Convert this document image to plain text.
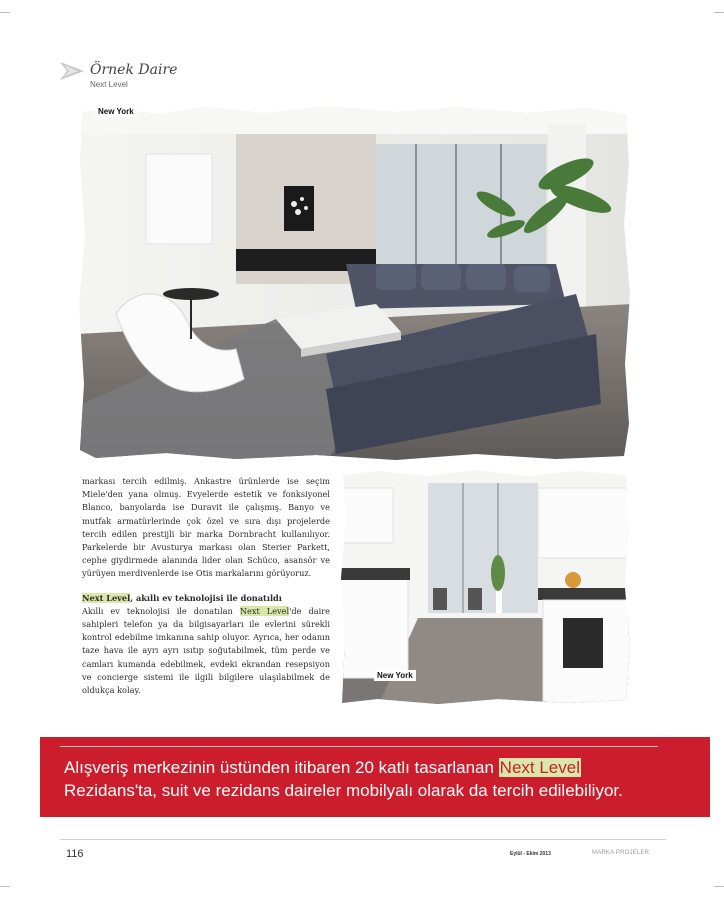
Örnek Daire
Next Level
New York
New York

markası tercih edilmiş. Ankastre ürünlerde ise seçim Miele'den yana olmuş. Evyelerde estetik ve fonksiyonel Blanco, banyolarda ise Duravit ile çalışmış. Banyo ve mutfak armatürlerinde çok özel ve sıra dışı projelerde tercih edilen prestijli bir marka Dornbracht kullanılıyor. Parkelerde bir Avusturya markası olan Sterier Parkett, cephe giydirmede alanında lider olan Schüco, asansör ve yürüyen merdivenlerde ise Otis markalarını görüyoruz.

Next Level, akıllı ev teknolojisi ile donatıldı

Akıllı ev teknolojisi ile donatılan Next Level'de daire sahipleri telefon ya da bilgisayarları ile evlerini sürekli kontrol edebilme imkanına sahip oluyor. Ayrıca, her odanın taze hava ile ayrı ayrı ısıtıp soğutabilmek, tüm perde ve camları kumanda edebilmek, evdeki ekrandan resepsiyon ve concierge sistemi ile ilgili bilgilere ulaşılabilmek de oldukça kolay.

Alışveriş merkezinin üstünden itibaren 20 katlı tasarlanan Next Level
Rezidans'ta, suit ve rezidans daireler mobilyalı olarak da tercih edilebiliyor.
116	Eylül - Ekim 2013	MARKA PROJELER
